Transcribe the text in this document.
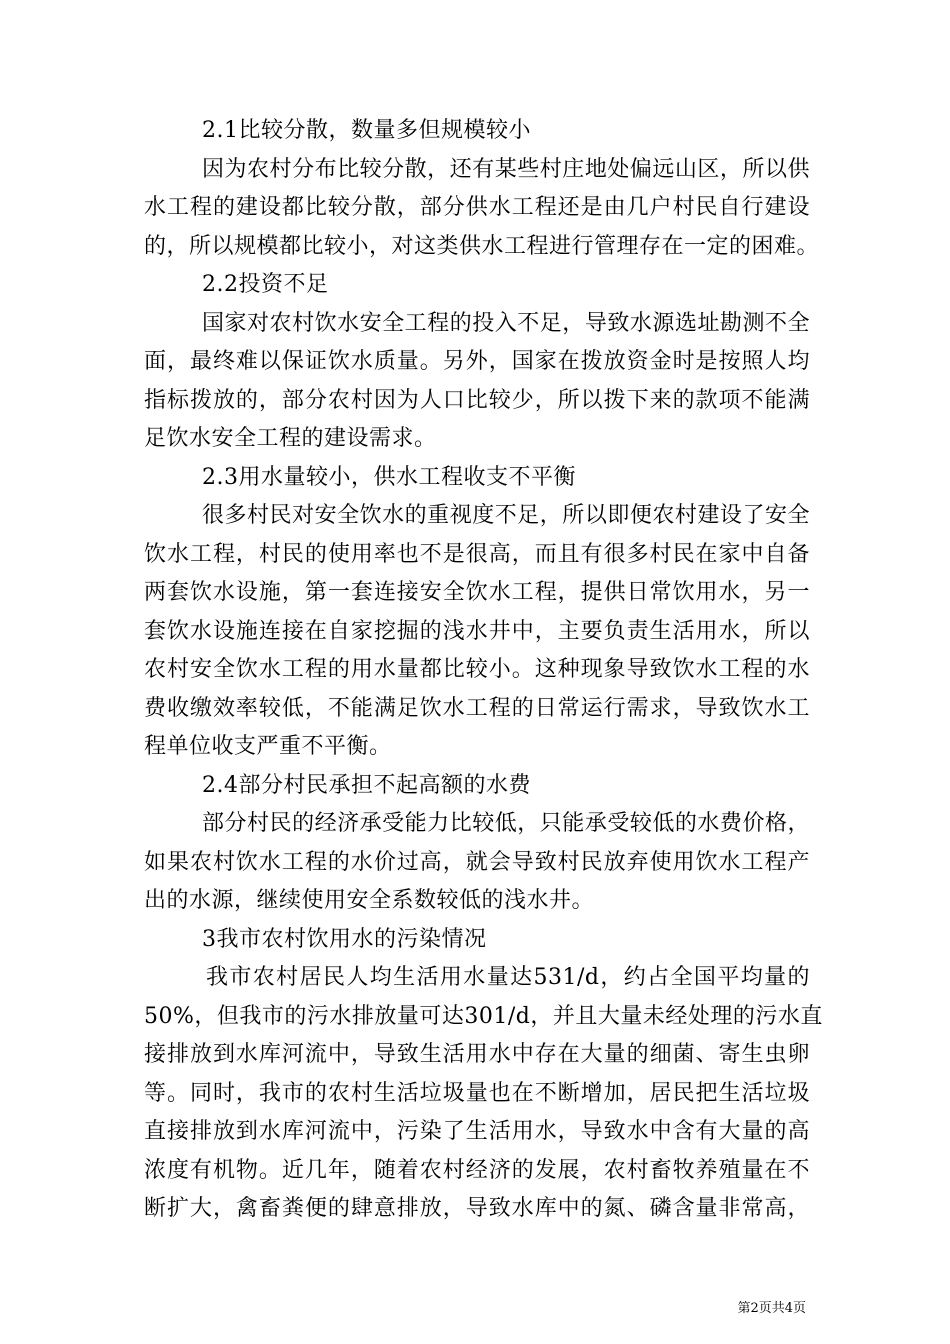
2.1比较分散，数量多但规模较小
因为农村分布比较分散，还有某些村庄地处偏远山区，所以供
水工程的建设都比较分散，部分供水工程还是由几户村民自行建设
的，所以规模都比较小，对这类供水工程进行管理存在一定的困难。
2.2投资不足
国家对农村饮水安全工程的投入不足，导致水源选址勘测不全
面，最终难以保证饮水质量。另外，国家在拨放资金时是按照人均
指标拨放的，部分农村因为人口比较少，所以拨下来的款项不能满
足饮水安全工程的建设需求。
2.3用水量较小，供水工程收支不平衡
很多村民对安全饮水的重视度不足，所以即便农村建设了安全
饮水工程，村民的使用率也不是很高，而且有很多村民在家中自备
两套饮水设施，第一套连接安全饮水工程，提供日常饮用水，另一
套饮水设施连接在自家挖掘的浅水井中，主要负责生活用水，所以
农村安全饮水工程的用水量都比较小。这种现象导致饮水工程的水
费收缴效率较低，不能满足饮水工程的日常运行需求，导致饮水工
程单位收支严重不平衡。
2.4部分村民承担不起高额的水费
部分村民的经济承受能力比较低，只能承受较低的水费价格，
如果农村饮水工程的水价过高，就会导致村民放弃使用饮水工程产
出的水源，继续使用安全系数较低的浅水井。
3我市农村饮用水的污染情况
我市农村居民人均生活用水量达531/d，约占全国平均量的
50%，但我市的污水排放量可达301/d，并且大量未经处理的污水直
接排放到水库河流中，导致生活用水中存在大量的细菌、寄生虫卵
等。同时，我市的农村生活垃圾量也在不断增加，居民把生活垃圾
直接排放到水库河流中，污染了生活用水，导致水中含有大量的高
浓度有机物。近几年，随着农村经济的发展，农村畜牧养殖量在不
断扩大，禽畜粪便的肆意排放，导致水库中的氮、磷含量非常高，
第2页共4页
